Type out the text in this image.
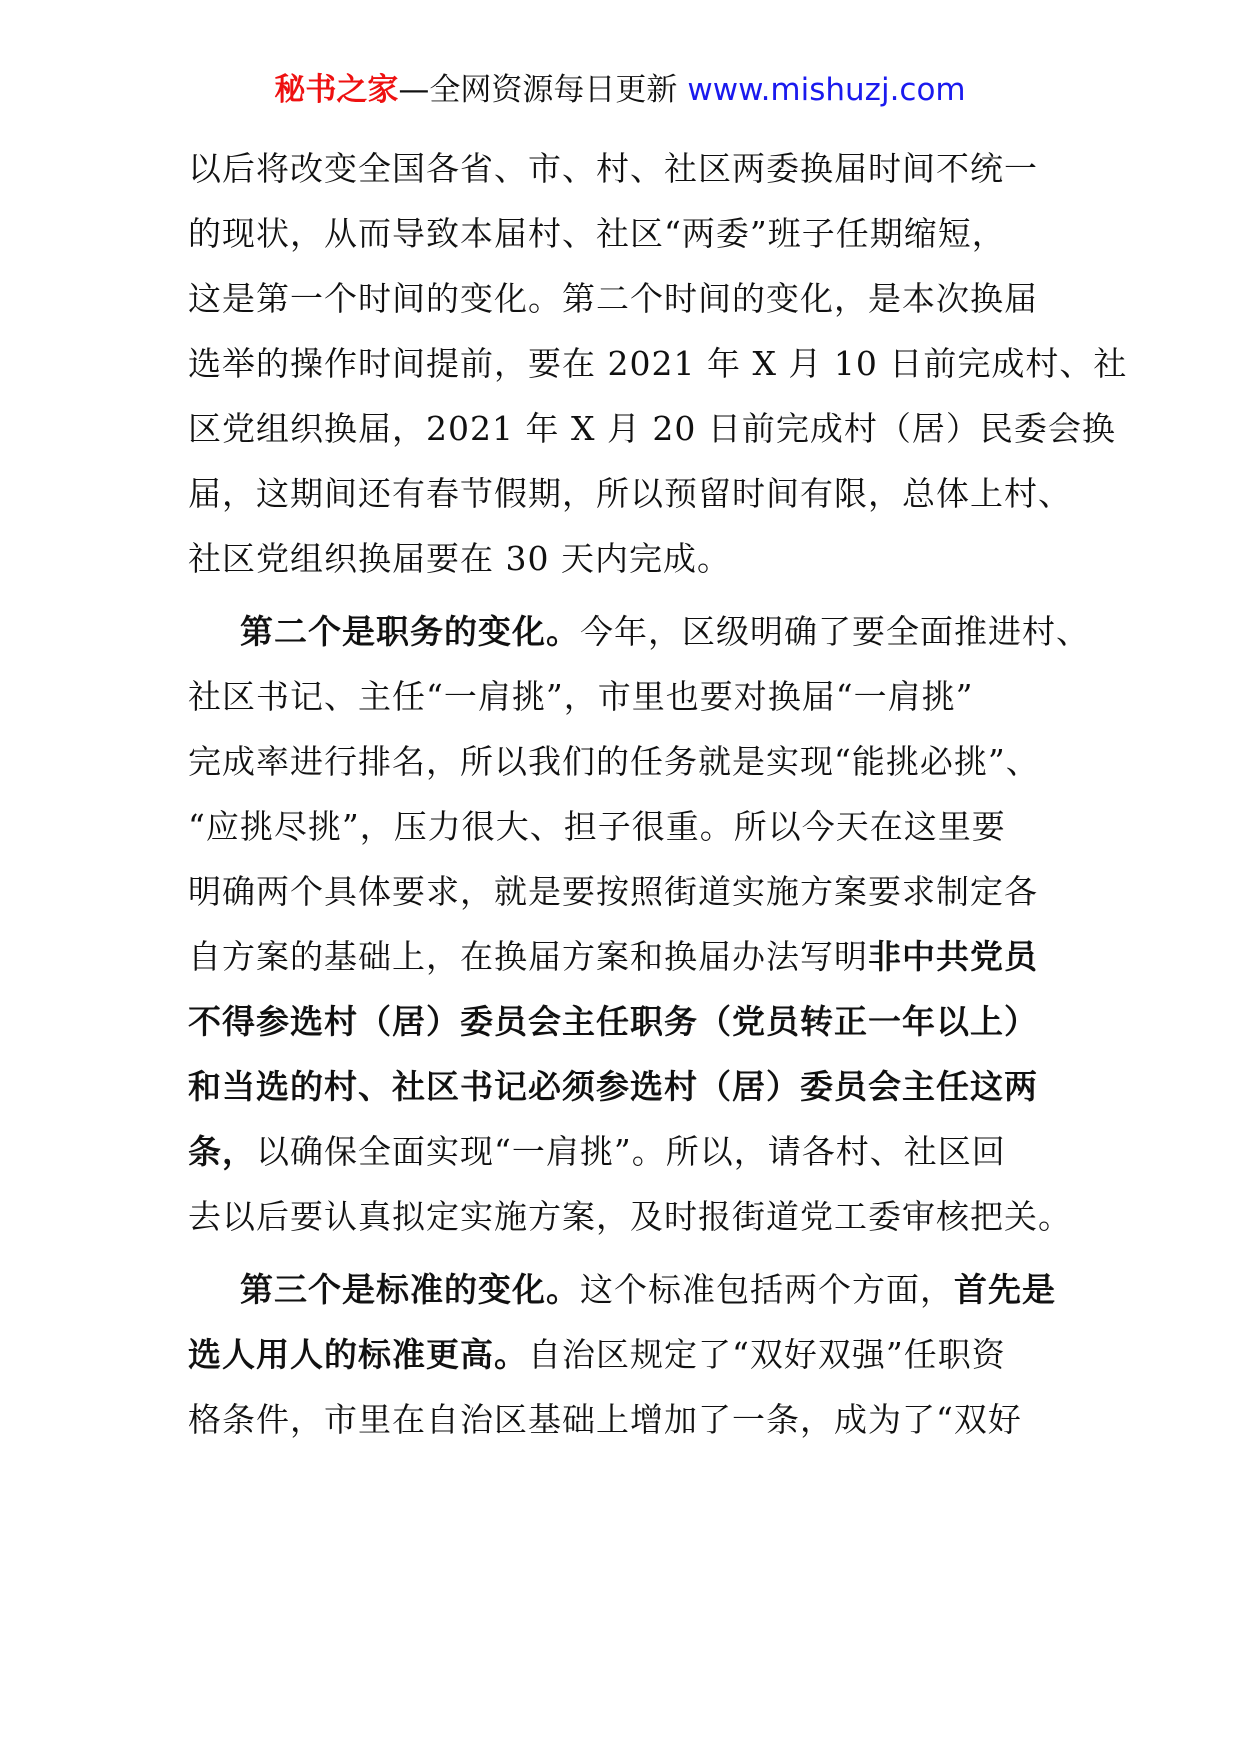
秘书之家—全网资源每日更新 www.mishuzj.com
以后将改变全国各省、市、村、社区两委换届时间不统一
的现状，从而导致本届村、社区“两委”班子任期缩短，
这是第一个时间的变化。第二个时间的变化，是本次换届
选举的操作时间提前，要在 2021 年 X 月 10 日前完成村、社
区党组织换届，2021 年 X 月 20 日前完成村（居）民委会换
届，这期间还有春节假期，所以预留时间有限，总体上村、
社区党组织换届要在 30 天内完成。
第二个是职务的变化。今年，区级明确了要全面推进村、
社区书记、主任“一肩挑”，市里也要对换届“一肩挑”
完成率进行排名，所以我们的任务就是实现“能挑必挑”、
“应挑尽挑”，压力很大、担子很重。所以今天在这里要
明确两个具体要求，就是要按照街道实施方案要求制定各
自方案的基础上，在换届方案和换届办法写明非中共党员
不得参选村（居）委员会主任职务（党员转正一年以上）
和当选的村、社区书记必须参选村（居）委员会主任这两
条，以确保全面实现“一肩挑”。所以，请各村、社区回
去以后要认真拟定实施方案，及时报街道党工委审核把关。
第三个是标准的变化。这个标准包括两个方面，首先是
选人用人的标准更高。自治区规定了“双好双强”任职资
格条件，市里在自治区基础上增加了一条，成为了“双好
